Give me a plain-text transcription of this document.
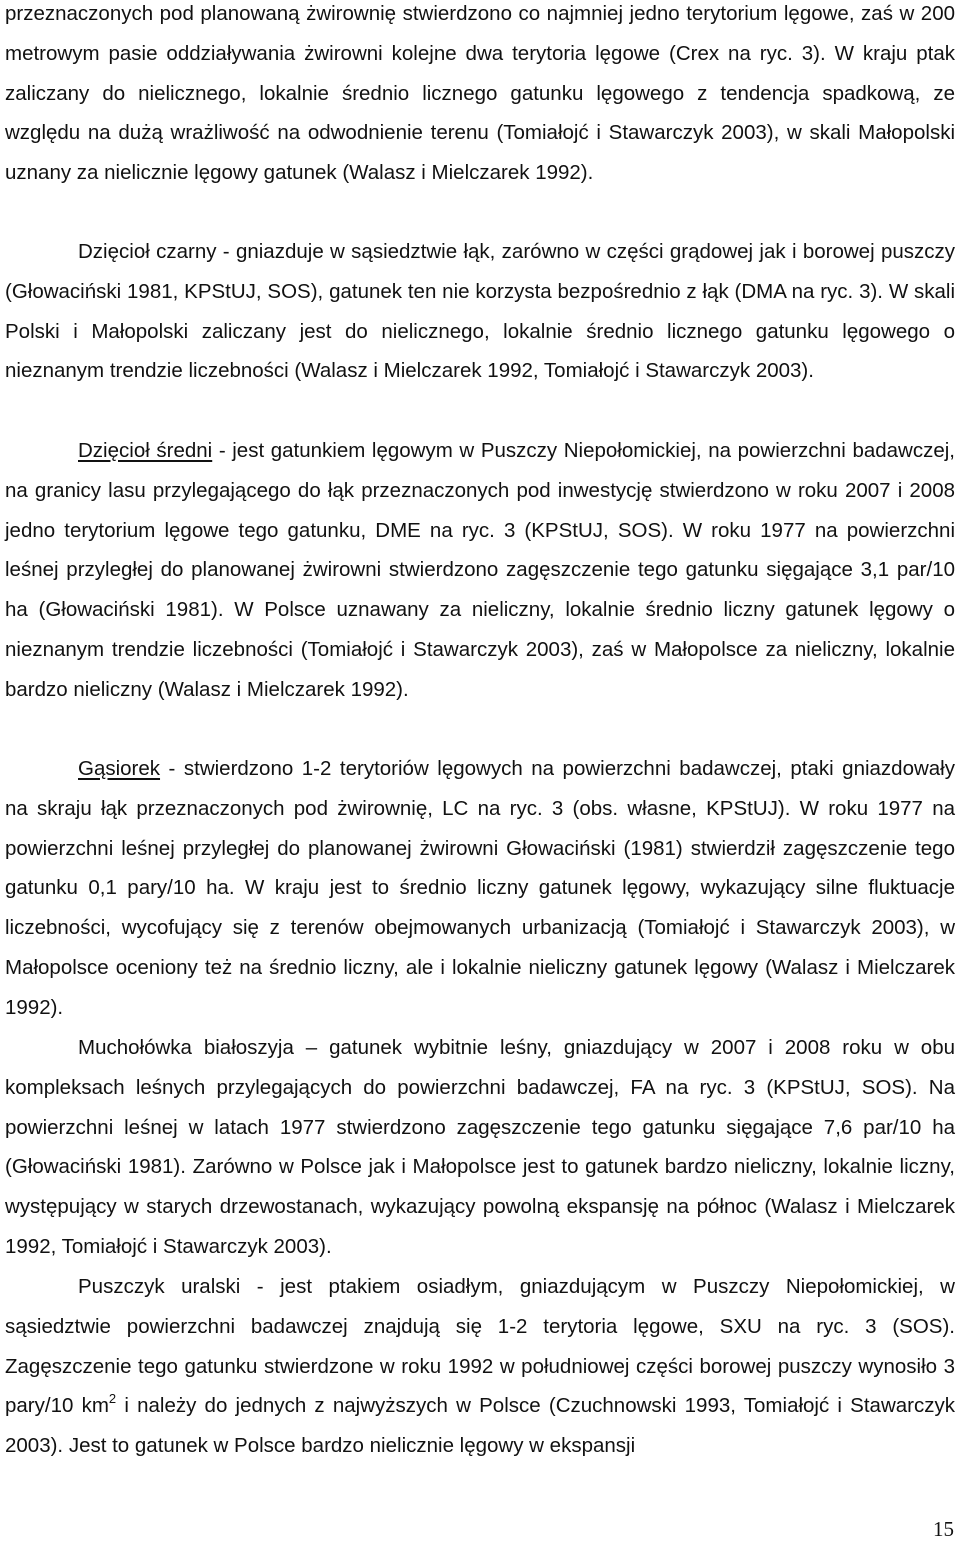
przeznaczonych pod planowaną żwirownię stwierdzono co najmniej jedno terytorium lęgowe, zaś w 200 metrowym pasie oddziaływania żwirowni kolejne dwa terytoria lęgowe (Crex na ryc. 3). W kraju ptak zaliczany do nielicznego, lokalnie średnio licznego gatunku lęgowego z tendencja spadkową, ze względu na dużą wrażliwość na odwodnienie terenu (Tomiałojć i Stawarczyk 2003), w skali Małopolski uznany za nielicznie lęgowy gatunek (Walasz i Mielczarek 1992).

Dzięcioł czarny - gniazduje w sąsiedztwie łąk, zarówno w części grądowej jak i borowej puszczy (Głowaciński 1981, KPStUJ, SOS), gatunek ten nie korzysta bezpośrednio z łąk (DMA na ryc. 3). W skali Polski i Małopolski zaliczany jest do nielicznego, lokalnie średnio licznego gatunku lęgowego o nieznanym trendzie liczebności (Walasz i Mielczarek 1992, Tomiałojć i Stawarczyk 2003).

Dzięcioł średni - jest gatunkiem lęgowym w Puszczy Niepołomickiej, na powierzchni badawczej, na granicy lasu przylegającego do łąk przeznaczonych pod inwestycję stwierdzono w roku 2007 i 2008 jedno terytorium lęgowe tego gatunku, DME na ryc. 3 (KPStUJ, SOS). W roku 1977 na powierzchni leśnej przyległej do planowanej żwirowni stwierdzono zagęszczenie tego gatunku sięgające 3,1 par/10 ha (Głowaciński 1981). W Polsce uznawany za nieliczny, lokalnie średnio liczny gatunek lęgowy o nieznanym trendzie liczebności (Tomiałojć i Stawarczyk 2003), zaś w Małopolsce za nieliczny, lokalnie bardzo nieliczny (Walasz i Mielczarek 1992).

Gąsiorek - stwierdzono 1-2 terytoriów lęgowych na powierzchni badawczej, ptaki gniazdowały na skraju łąk przeznaczonych pod żwirownię, LC na ryc. 3 (obs. własne, KPStUJ). W roku 1977 na powierzchni leśnej przyległej do planowanej żwirowni Głowaciński (1981) stwierdził zagęszczenie tego gatunku 0,1 pary/10 ha. W kraju jest to średnio liczny gatunek lęgowy, wykazujący silne fluktuacje liczebności, wycofujący się z terenów obejmowanych urbanizacją (Tomiałojć i Stawarczyk 2003), w Małopolsce oceniony też na średnio liczny, ale i lokalnie nieliczny gatunek lęgowy (Walasz i Mielczarek 1992).

Muchołówka białoszyja – gatunek wybitnie leśny, gniazdujący w 2007 i 2008 roku w obu kompleksach leśnych przylegających do powierzchni badawczej, FA na ryc. 3 (KPStUJ, SOS). Na powierzchni leśnej w latach 1977 stwierdzono zagęszczenie tego gatunku sięgające 7,6 par/10 ha (Głowaciński 1981). Zarówno w Polsce jak i Małopolsce jest to gatunek bardzo nieliczny, lokalnie liczny, występujący w starych drzewostanach, wykazujący powolną ekspansję na północ (Walasz i Mielczarek 1992, Tomiałojć i Stawarczyk 2003).

Puszczyk uralski - jest ptakiem osiadłym, gniazdującym w Puszczy Niepołomickiej, w sąsiedztwie powierzchni badawczej znajdują się 1-2 terytoria lęgowe, SXU na ryc. 3 (SOS). Zagęszczenie tego gatunku stwierdzone w roku 1992 w południowej części borowej puszczy wynosiło 3 pary/10 $km^2$ i należy do jednych z najwyższych w Polsce (Czuchnowski 1993, Tomiałojć i Stawarczyk 2003). Jest to gatunek w Polsce bardzo nielicznie lęgowy w ekspansji

15
